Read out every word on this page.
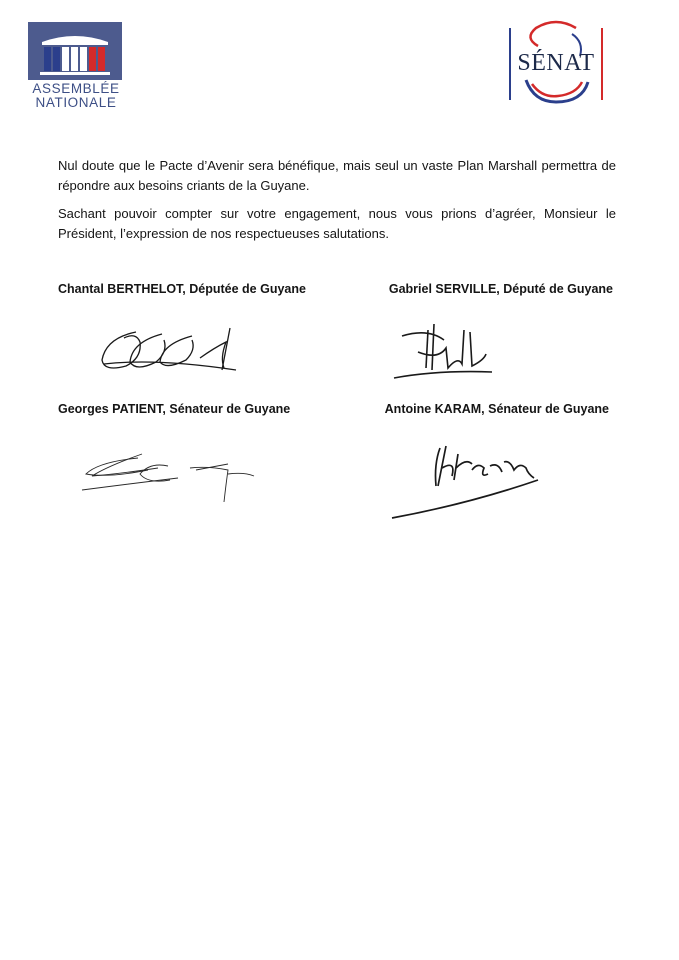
ASSEMBLÉE
NATIONALE
SÉNAT

Nul doute que le Pacte d’Avenir sera bénéfique, mais seul un vaste Plan Marshall permettra de répondre aux besoins criants de la Guyane.

Sachant pouvoir compter sur votre engagement, nous vous prions d’agréer, Monsieur le Président, l’expression de nos respectueuses salutations.

Chantal BERTHELOT, Députée de Guyane	Gabriel SERVILLE, Député de Guyane
Georges PATIENT, Sénateur de Guyane	Antoine KARAM, Sénateur de Guyane
